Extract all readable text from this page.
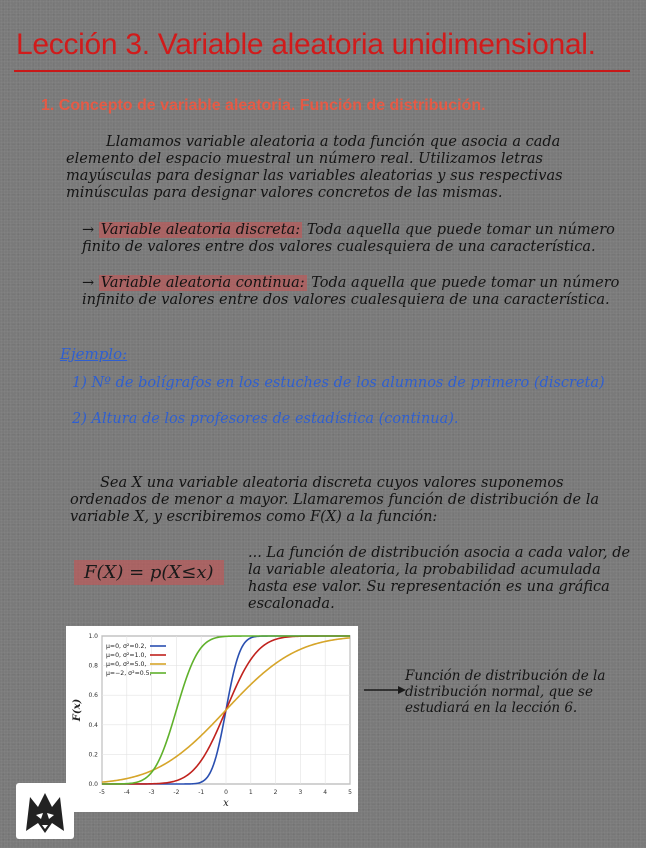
Lección 3. Variable aleatoria unidimensional.
1. Concepto de variable aleatoria. Función de distribución.
Llamamos variable aleatoria a toda función que asocia a cada elemento del espacio muestral un número real. Utilizamos letras mayúsculas para designar las variables aleatorias y sus respectivas minúsculas para designar valores concretos de las mismas.
→ Variable aleatoria discreta: Toda aquella que puede tomar un número finito de valores entre dos valores cualesquiera de una característica.
→ Variable aleatoria continua: Toda aquella que puede tomar un número infinito de valores entre dos valores cualesquiera de una característica.
Ejemplo:
1) Nº de bolígrafos en los estuches de los alumnos de primero (discreta)
2) Altura de los profesores de estadística (continua).
Sea X una variable aleatoria discreta cuyos valores suponemos ordenados de menor a mayor. Llamaremos función de distribución de la variable X, y escribiremos como F(X) a la función:
F(X) = p(X≤x)
... La función de distribución asocia a cada valor, de la variable aleatoria, la probabilidad acumulada hasta ese valor. Su representación es una gráfica escalonada.
-5	-4	-3	-2	-1	0	1	2	3	4	5
0.0
0.2
0.4
0.6
0.8
1.0
x
F(x)
μ=0, σ²=0.2,
μ=0, σ²=1.0,
μ=0, σ²=5.0,
μ=−2, σ²=0.5,	Función de distribución de la distribución normal, que se estudiará en la lección 6.
